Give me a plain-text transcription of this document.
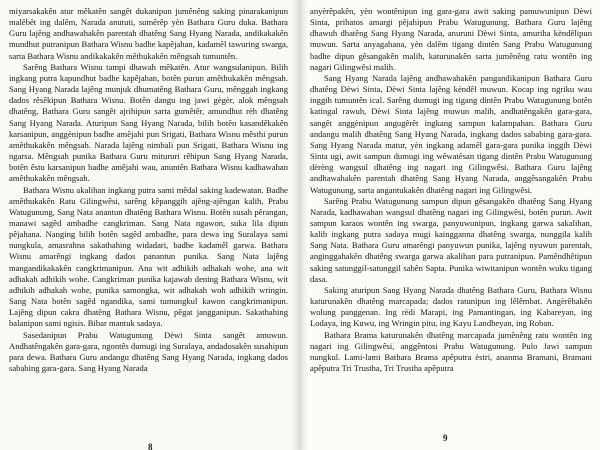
miyarsakakên atur mêkatên sangêt dukanipun jumênêng saking pinarakanipun malêbêt ing dalêm, Narada anututi, sumêrêp yèn Bathara Guru duka. Bathara Guru lajêng andhawahakên parentah dhatêng Sang Hyang Narada, andikakakên mundhut putranipun Bathara Wisnu badhe kapêjahan, kadamêl tawuring swarga, sarta Bathara Wisnu andikakakên mêthukakên mêngsah tumuntên.

Sarêng Bathara Wisnu tampi dhawah mêkatên. Atur wangsulanipun. Bilih ingkang putra kapundhut badhe kapêjahan, botên purun amêthukakên mêngsah. Sang Hyang Narada lajêng munjuk dhumatêng Bathara Guru, mênggah ingkang dados rêsêkipun Bathara Wisnu. Botên dangu ing jawi gègèr, alok mêngsah dhatêng, Bathara Guru sangêt ajrihipun sarta gumêtêr, amundhut rèh dhatêng Sang Hyang Narada. Aturipun Sang Hyang Narada, bilih botên kasandêkakên karsanipun, anggènipun badhe amêjahi pun Srigati, Bathara Wisnu mêsthi purun amêthukakên mêngsah. Narada lajêng nimbali pun Srigati, Bathara Wisnu ing ngarsa. Mêngsah punika Bathara Guru mitururi rêhipun Sang Hyang Narada, botên êstu karsanipun badhe amêjahi wau, anuntên Bathara Wisnu kadhawahan amêthukakên mêngsah.

Bathara Wisnu akalihan ingkang putra sami mêdal saking kadewatan. Badhe amêthukakên Ratu Gilingwêsi, sarêng kêpanggih ajêng-ajêngan kalih, Prabu Watugunung, Sang Nata anantun dhatêng Bathara Wisnu. Botên susah pêrangan, manawi sagêd ambadhe cangkriman. Sang Nata ngawon, suka lila dipun pêjahana. Nanging bilih botên sagêd ambadhe, para dewa ing Suralaya sami nungkula, amasrahna sakathahing widadari, badhe kadamêl garwa. Bathara Wisnu amarêngi ingkang dados panantun punika. Sang Nata lajêng mangandikakakên cangkrimanipun. Ana wit adhikih adhakah wohe, ana wit adhakah adhikih wohe. Cangkriman punika kajawab dening Bathara Wisnu, wit adhikih adhakah wohe, punika samongka, wit adhakah woh adhikih wringin. Sang Nata botên sagêd ngandika, sami tumungkul kawon cangkrimanipun. Lajêng dipun cakra dhatêng Bathara Wisnu, pêgat jangganipun. Sakathahing balanipun sami ngisis. Bibar mantuk sadaya.

Sasedanipun Prabu Watugunung Dèwi Sinta sangêt amuwun. Andhatêngakên gara-gara, ngontês dumugi ing Suralaya, andadosakên susahipun para dewa. Bathara Guru andangu dhatêng Sang Hyang Narada, ingkang dados sababing gara-gara. Sang Hyang Narada

8

anyèrêpakên, yèn wontênipun ing gara-gara awit saking pamuwunipun Dèwi Sinta, prihatos amargi pêjahipun Prabu Watugunung. Bathara Guru lajêng dhawuh dhatêng Sang Hyang Narada, anuruni Dèwi Sinta, amurihа kèndêlipun muwun. Sarta anyagahana, yèn dalêm tigang dintên Sang Prabu Watugunung badhe dipun gêsangakên malih, katurunakên sarta jumênêng ratu wontên ing nagari Gilingwêsi malih.

Sang Hyang Narada lajêng andhawahakên pangandikanipun Bathara Guru dhatêng Dèwi Sinta, Dèwi Sinta lajêng kèndêl muwun. Kocap ing ngriku wau inggih tumuntên ical. Sarêng dumugi ing tigang dintên Prabu Watugunung botên katingal rawuh, Dèwi Sinta lajêng muwun malih, andhatêngakên gara-gara, sangêt anggènipun angugêrêt ingkang sampun kalampahan. Bathara Guru andangu malih dhatêng Sang Hyang Narada, ingkang dados sababing gara-gara. Sang Hyang Narada matur, yèn ingkang adamêl gara-gara punika inggih Dèwi Sinta ugi, awit sampun dumugi ing wêwatêsan tigang dintên Prabu Watugunung dèrèng wangsul dhatêng ing nagari ing Gilingwêsi. Bathara Guru lajêng andhawahakên parentah dhatêng Sang Hyang Narada, anggêsangakên Prabu Watugunung, sarta angantukakên dhatêng nagari ing Gilingwêsi.

Sarêng Prabu Watugunung sampun dipun gêsangakên dhatêng Sang Hyang Narada, kadhawahan wangsul dhatêng nagari ing Gilingwêsi, botên purun. Awit sampun karaos wontên ing swarga, panyuwunipun, ingkang garwa sakalihan, kalih ingkang putra sadaya mugi kaingganna dhatêng swarga, nunggila kalih Sang Nata. Bathara Guru amarêngi panyuwun punika, lajêng nyuwun parentah, anginggahakên dhatêng swarga garwa akalihan para putranipun. Pamêndhêtipun saking satunggil-satunggil sabên Sapta. Punika wiwitanipun wontên wuku tigang dasa.

Saking aturipun Sang Hyang Narada dhatêng Bathara Guru, Bathara Wisnu katurunakên dhatêng marcapada; dados ratunipun ing lêlêmbat. Angèrêhakên wolung panggenan. Ing rèdi Marapi, ing Pamantingan, ing Kabareyan, ing Lodaya, ing Kuwu, ing Wringin pitu, ing Kayu Landheyan, ing Roban.

Bathara Brama katurunakên dhatêng marcapada jumênêng ratu wontên ing nagari ing Gilingwêsi, anggêntosi Prabu Watugunung. Pulo Jawi sampun nungkul. Lami-lami Bathara Brama apêputra èstri, ananma Bramani, Bramani apêputra Tri Trustha, Tri Trustha apêputra

9
